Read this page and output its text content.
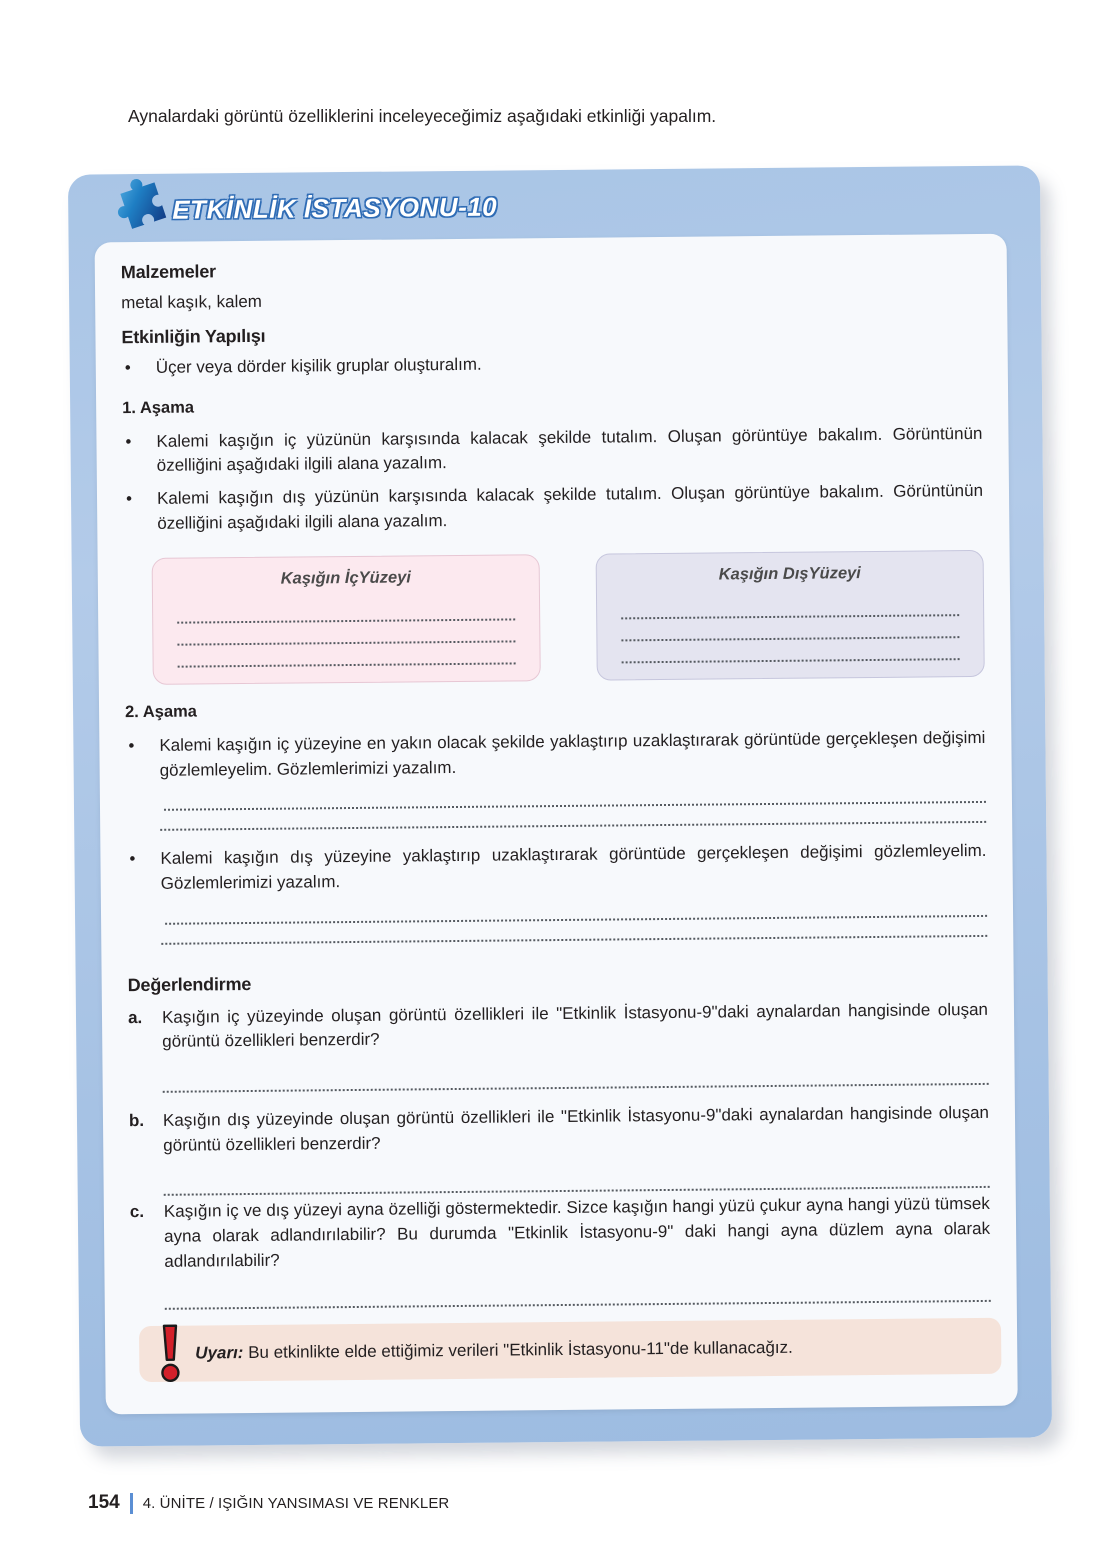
Aynalardaki görüntü özelliklerini inceleyeceğimiz aşağıdaki etkinliği yapalım.
ETKİNLİK İSTASYONU-10
Malzemeler
metal kaşık, kalem
Etkinliğin Yapılışı
•	Üçer veya dörder kişilik gruplar oluşturalım.
1. Aşama
•	Kalemi kaşığın iç yüzünün karşısında kalacak şekilde tutalım. Oluşan görüntüye bakalım. Görüntünün özelliğini aşağıdaki ilgili alana yazalım.
•	Kalemi kaşığın dış yüzünün karşısında kalacak şekilde tutalım. Oluşan görüntüye bakalım. Görüntünün özelliğini aşağıdaki ilgili alana yazalım.
Kaşığın İçYüzeyi	Kaşığın DışYüzeyi
2. Aşama
•	Kalemi kaşığın iç yüzeyine en yakın olacak şekilde yaklaştırıp uzaklaştırarak görüntüde gerçekleşen değişimi gözlemleyelim. Gözlemlerimizi yazalım.
•	Kalemi kaşığın dış yüzeyine yaklaştırıp uzaklaştırarak görüntüde gerçekleşen değişimi gözlemleyelim. Gözlemlerimizi yazalım.
Değerlendirme
a.	Kaşığın iç yüzeyinde oluşan görüntü özellikleri ile "Etkinlik İstasyonu-9"daki aynalardan hangisinde oluşan görüntü özellikleri benzerdir?
b.	Kaşığın dış yüzeyinde oluşan görüntü özellikleri ile "Etkinlik İstasyonu-9"daki aynalardan hangisinde oluşan görüntü özellikleri benzerdir?
c.	Kaşığın iç ve dış yüzeyi ayna özelliği göstermektedir. Sizce kaşığın hangi yüzü çukur ayna hangi yüzü tümsek ayna olarak adlandırılabilir? Bu durumda "Etkinlik İstasyonu-9" daki hangi ayna düzlem ayna olarak adlandırılabilir?
Uyarı: Bu etkinlikte elde ettiğimiz verileri "Etkinlik İstasyonu-11"de kullanacağız.
154 4. ÜNİTE / IŞIĞIN YANSIMASI VE RENKLER
